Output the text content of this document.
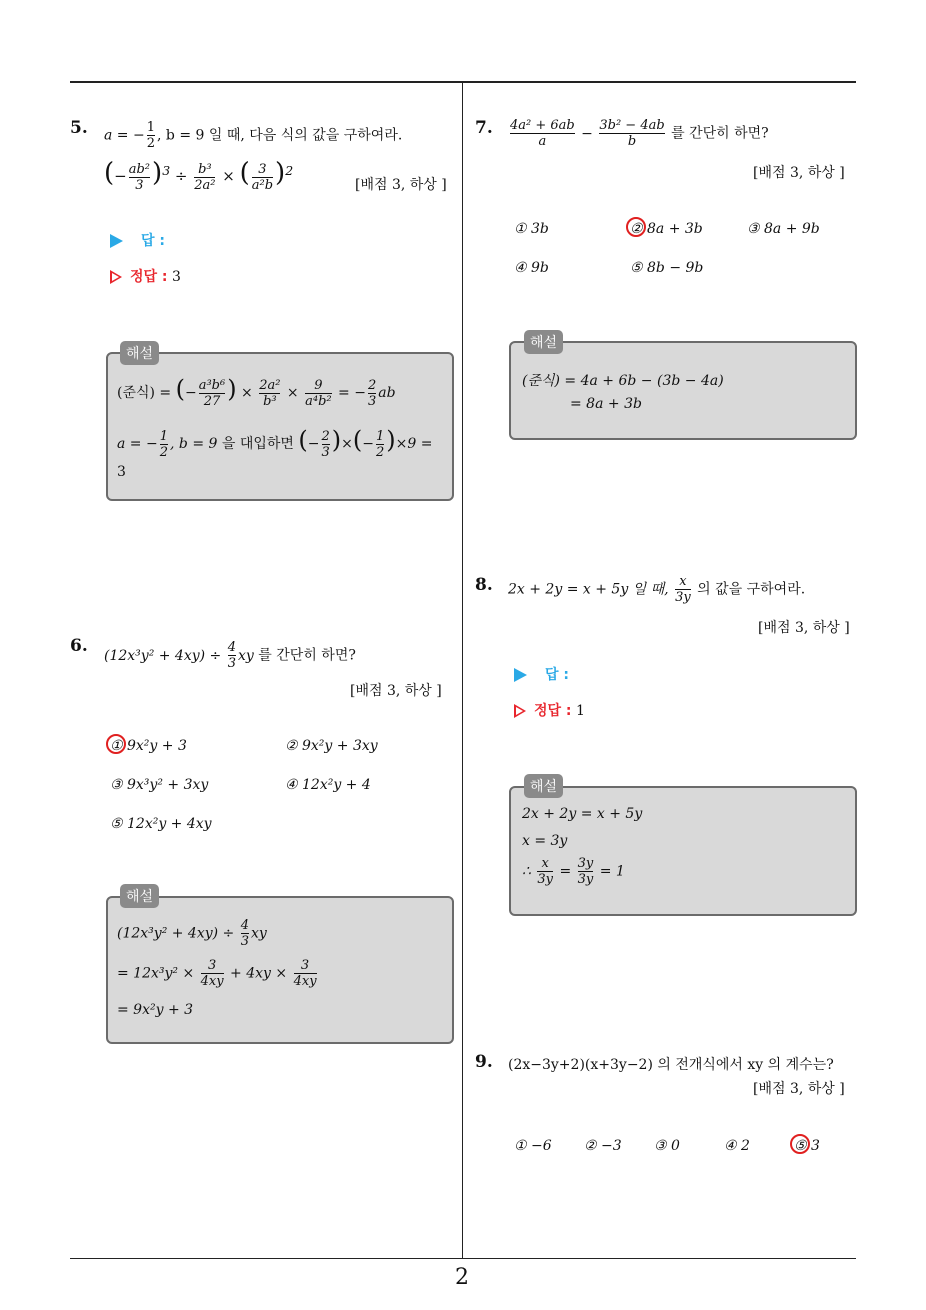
2
5. a = − $\frac{1}{2}$ , b = 9 일 때, 다음 식의 값을 구하여라.
(− $\frac{\text{ab²}}{3} )^3 \div \frac{\text{b³}}{\text{2a²}}$ × ( $\frac{3}{\text{a²b}} )^2$
[배점 3, 하상 ]
답 :
정답 : 3
해설
(준식) = (− $\frac{\text{a³b⁶}}{27}$ ) × $\frac{\text{2a²}}{\text{b³}} \times \frac{9}{\text{a⁴b²}}$ = − $\frac{2}{3}$ ab
a = − $\frac{1}{2}$ , b = 9 을 대입하면 (− $\frac{2}{3}$ )×(− $\frac{1}{2} )\times 9$ =
3
6. $(12x^3y^2 + 4xy) \div \frac{4}{3}$ xy 를 간단히 하면?
[배점 3, 하상 ]
① 9x²y + 3	② 9x²y + 3xy
③ 9x³y² + 3xy	④ 12x²y + 4
⑤ 12x²y + 4xy
해설
$(12x^3y^2 + 4xy) \div \frac{4}{3}$ xy
= $12x^3y^2 \times \frac{3}{4xy} + 4xy \times \frac{3}{4xy}$
= 9x²y + 3
7. $\frac{\text{4a² + 6ab}}{a} - \frac{\text{3b² − 4ab}}{b}$ 를 간단히 하면?
[배점 3, 하상 ]
① 3b	② 8a + 3b	③ 8a + 9b
④ 9b	⑤ 8b − 9b
해설
(준식) = 4a + 6b − (3b − 4a)
= 8a + 3b
8. 2x + 2y = x + 5y 일 때, $\frac{x}{3y}$ 의 값을 구하여라.
[배점 3, 하상 ]
답 :
정답 : 1
해설
2x + 2y = x + 5y
x = 3y
∴ $\frac{x}{3y} = \frac{3y}{3y} = 1$
9. (2x−3y+2)(x+3y−2) 의 전개식에서 xy 의 계수는?
[배점 3, 하상 ]
① −6 ② −3 ③ 0	④ 2	⑤ 3
